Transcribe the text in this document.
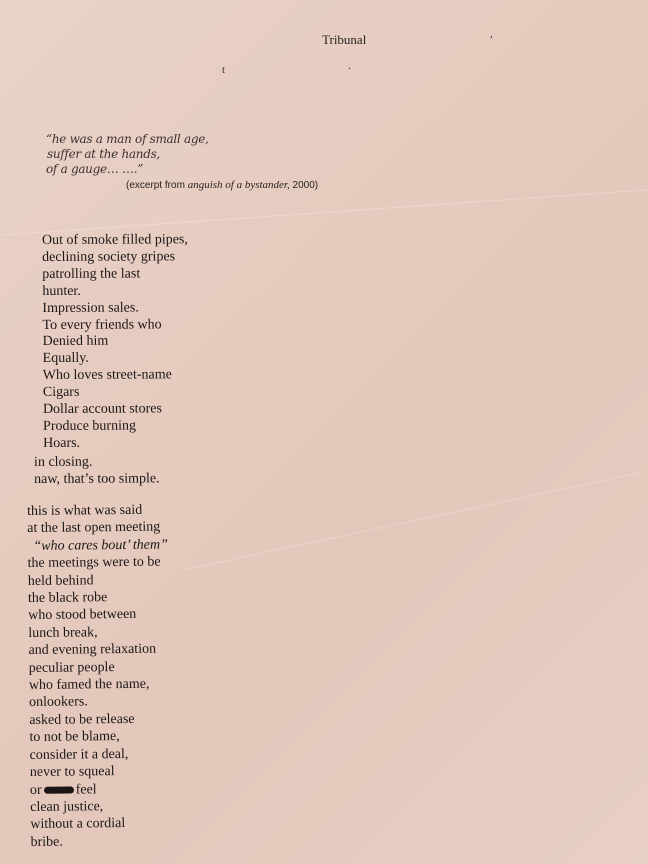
Tribunal
t
,
.
“he was a man of small age,
suffer at the hands,
of a gauge… ….”
(excerpt from anguish of a bystander, 2000)
Out of smoke filled pipes,
declining society gripes
patrolling the last
hunter.
Impression sales.
To every friends who
Denied him
Equally.
Who loves street-name
Cigars
Dollar account stores
Produce burning
Hoars.
in closing.
naw, that’s too simple.
this is what was said
at the last open meeting
“who cares bout’ them”
the meetings were to be
held behind
the black robe
who stood between
lunch break,
and evening relaxation
peculiar people
who famed the name,
onlookers.
asked to be release
to not be blame,
consider it a deal,
never to squeal
or feel
clean justice,
without a cordial
bribe.
